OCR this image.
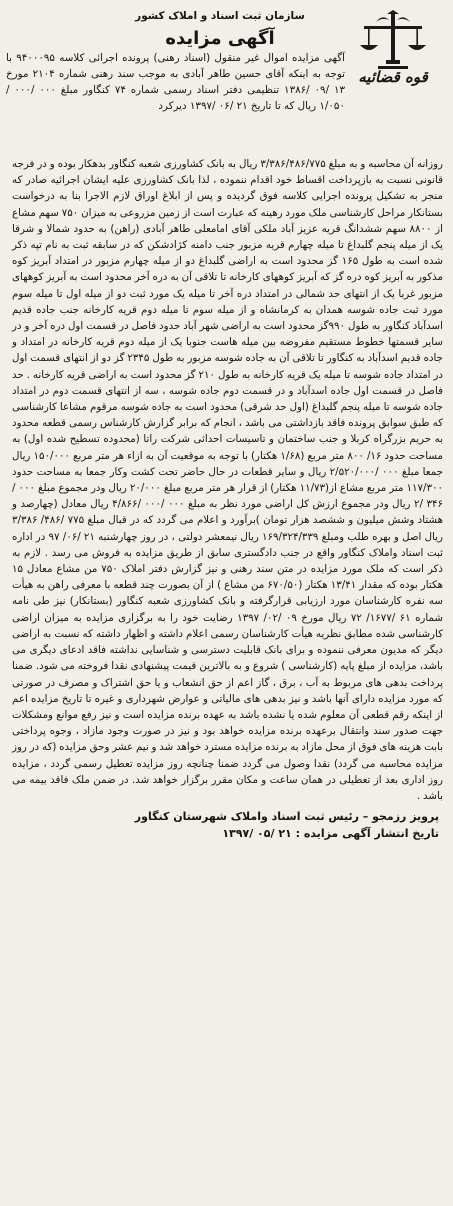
قوه قضائیه
سازمان ثبت اسناد و املاک کشور
آگهی مزایده
آگهی مزایده اموال غیر منقول (اسناد رهنی) پرونده اجرائی کلاسه ۹۴۰۰۰۹۵ با توجه به اینکه آقای حسین طاهر آبادی به موجب سند رهنی شماره ۲۱۰۴ مورخ ۱۳ /۰۹ /۱۳۸۶ تنظیمی دفتر اسناد رسمی شماره ۷۴ کنگاور مبلغ ۰۰۰ /۰۰۰ /۱/۰۵۰ ریال که تا تاریخ ۲۱ /۰۶ /۱۳۹۷ دیرکرد
روزانه آن محاسبه و به مبلغ ۳/۳۸۶/۴۸۶/۷۷۵ ریال به بانک کشاورزی شعبه کنگاور بدهکار بوده و در فرجه قانونی نسبت به بازپرداخت اقساط خود اقدام ننموده ، لذا بانک کشاورزی علیه ایشان اجرائیه صادر که منجر به تشکیل پرونده اجرایی کلاسه فوق گردیده و پس از ابلاغ اوراق لازم الاجرا بنا به درخواست بستانکار مراحل کارشناسی ملک مورد رهینه که عبارت است از زمین مزروعی به میزان ۷۵۰ سهم مشاع از ۸۸۰۰ سهم ششدانگ قریه عزیز آباد ملکی آقای امامعلی طاهر آبادی (راهن) به حدود شمالا و شرقا یک از میله پنجم گلبداغ تا میله چهارم قریه مزبور جنب دامنه کژادشکن که در سابقه ثبت به نام تپه ذکر شده است به طول ۱۶۵ گز محدود است به اراضی گلبداغ دو از میله چهارم مزبور در امتداد آبریز کوه مذکور به آبریز کوه دره گز که آبریز کوههای کارخانه تا تلاقی آن به دره آخر محدود است به آبریز کوههای مزبور غربا یک از انتهای حد شمالی در امتداد دره آخر تا میله یک مورد ثبت دو از میله اول تا میله سوم مورد ثبت جاده شوسه همدان به کرمانشاه و از میله سوم تا میله دوم قریه کارخانه جنب جاده قدیم اسدآباد کنگاور به طول ۹۹۰گز محدود است به اراضی شهر آباد حدود فاصل در قسمت اول دره آخر و در سایر قسمتها خطوط مستقیم مفروضه بین میله هاست جنوبا یک از میله دوم قریه کارخانه در امتداد و جاده قدیم اسدآباد به کنگاور تا تلاقی آن به جاده شوسه مزبور به طول ۲۳۴۵ گز دو از انتهای قسمت اول در امتداد جاده شوسه تا میله یک قریه کارخانه به طول ۲۱۰ گز محدود است به اراضی قریه کارخانه . حد فاصل در قسمت اول جاده اسدآباد و در قسمت دوم جاده شوسه ، سه از انتهای قسمت دوم در امتداد جاده شوسه تا میله پنجم گلبداغ (اول حد شرقی) محدود است به جاده شوسه مرقوم مشاعا کارشناسی که طبق سوابق پرونده فاقد بازداشتی می باشد ، انجام که برابر گزارش کارشناس رسمی قطعه محدود به حریم بزرگراه کربلا و جنب ساختمان و تاسیسات احداثی شرکت راتا (محدوده تسطیح شده اول) به مساحت حدود ۱۶/ ۸۰۰ متر مربع (۱/۶۸ هکتار) با توجه به موقعیت آن به ازاء هر متر مربع ۱۵۰/۰۰۰ ریال جمعا مبلغ ۰۰۰ /۲/۵۲۰/۰۰۰ ریال و سایر قطعات در حال حاضر تحت کشت وکار جمعا به مساحت حدود ۱۱۷/۳۰۰ متر مربع مشاع از(۱۱/۷۳ هکتار) از قرار هر متر مربع مبلغ ۲۰/۰۰۰ ریال ودر مجموع مبلغ ۰۰۰ /۳۴۶ /۲ ریال ودر مجموع ارزش کل اراضی مورد نظر به مبلغ ۰۰۰ /۰۰۰ /۴/۸۶۶ ریال معادل (چهارصد و هشتاد وشش میلیون و ششصد هزار تومان )برآورد و اعلام می گردد که در قبال مبلغ ۷۷۵ /۴۸۶/ ۳/۳۸۶ ریال اصل و بهره طلب ومبلغ ۱۶۹/۳۲۴/۳۳۹ ریال نیمعشر دولتی ، در روز چهارشنبه ۲۱ /۰۶/ ۹۷ در اداره ثبت اسناد واملاک کنگاور واقع در جنب دادگستری سابق از طریق مزایده به فروش می رسد . لازم به ذکر است که ملک مورد مزایده در متن سند رهنی و نیز گزارش دفتر املاک ۷۵۰ من مشاع معادل ۱۵ هکتار بوده که مقدار ۱۳/۴۱ هکتار (۶۷۰/۵۰ من مشاع ) از آن بصورت چند قطعه با معرفی راهن به هیأت سه نفره کارشناسان مورد ارزیابی قرارگرفته و بانک کشاورزی شعبه کنگاور (بستانکار) نیز طی نامه شماره ۶۱ /۱۶۷۷/ ۷۲ ریال مورخ ۰۹ /۰۲/ ۱۳۹۷ رضایت خود را به برگزاری مزایده به میزان اراضی کارشناسی شده مطابق نظریه هیأت کارشناسان رسمی اعلام داشته و اظهار داشته که نسبت به اراضی دیگر که مدیون معرفی ننموده و برای بانک قابلیت دسترسی و شناسایی نداشته فاقد ادعای دیگری می باشد، مزایده از مبلغ پایه (کارشناسی ) شروع و به بالاترین قیمت پیشنهادی نقدا فروخته می شود. ضمنا پرداخت بدهی های مربوط به آب ، برق ، گاز اعم از حق انشعاب و یا حق اشتراک و مصرف در صورتی که مورد مزایده دارای آنها باشد و نیز بدهی های مالیاتی و عوارض شهرداری و غیره تا تاریخ مزایده اعم از اینکه رقم قطعی آن معلوم شده یا نشده باشد به عهده برنده مزایده است و نیز رفع موانع ومشکلات جهت صدور سند وانتقال برعهده برنده مزایده خواهد بود و نیز در صورت وجود مازاد ، وجوه پرداختی بابت هزینه های فوق از محل مازاد به برنده مزایده مسترد خواهد شد و نیم عشر وحق مزایده (که در روز مزایده محاسبه می گردد) نقدا وصول می گردد ضمنا چنانچه روز مزایده تعطیل رسمی گردد ، مزایده روز اداری بعد از تعطیلی در همان ساعت و مکان مقرر برگزار خواهد شد. در ضمن ملک فاقد بیمه می باشد .
پرویز رزمجو – رئیس ثبت اسناد واملاک شهرستان کنگاور
تاریخ انتشار آگهی مزایده : ۲۱ /۰۵ /۱۳۹۷
